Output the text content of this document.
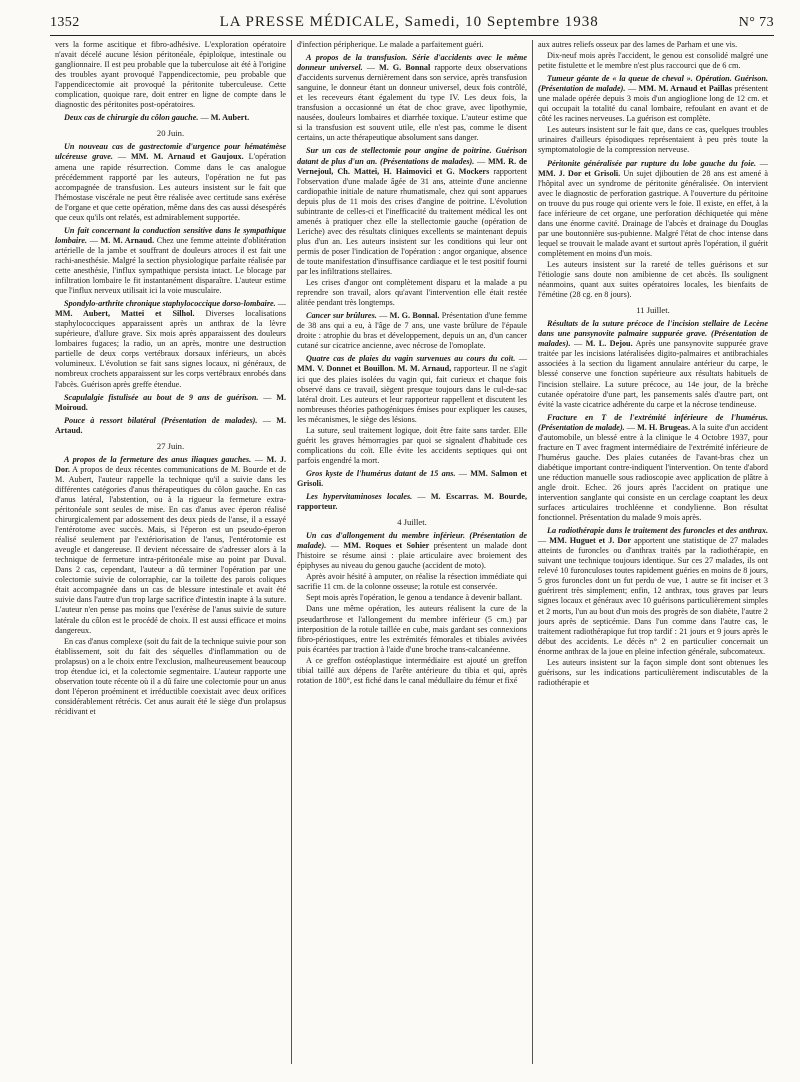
1352	LA PRESSE MÉDICALE, Samedi, 10 Septembre 1938	N° 73

vers la forme ascitique et fibro-adhésive. L'exploration opératoire n'avait décelé aucune lésion péritonéale, épiploïque, intestinale ou ganglionnaire. Il est peu probable que la tuberculose ait été à l'origine des troubles ayant provoqué l'appendicectomie, peu probable que l'appendicectomie ait provoqué la péritonite tuberculeuse. Cette complication, quoique rare, doit entrer en ligne de compte dans le diagnostic des péritonites post-opératoires.

Deux cas de chirurgie du côlon gauche. — M. Aubert.

20 Juin.

Un nouveau cas de gastrectomie d'urgence pour hématémèse ulcéreuse grave. — MM. M. Arnaud et Gaujoux. L'opération amena une rapide résurrection. Comme dans le cas analogue précédemment rapporté par les auteurs, l'opération ne fut pas accompagnée de transfusion. Les auteurs insistent sur le fait que l'hémostase viscérale ne peut être réalisée avec certitude sans exérèse de l'organe et que cette opération, même dans des cas aussi désespérés que ceux qu'ils ont relatés, est admirablement supportée.

Un fait concernant la conduction sensitive dans le sympathique lombaire. — M. M. Arnaud. Chez une femme atteinte d'oblitération artérielle de la jambe et souffrant de douleurs atroces il est fait une rachi-anesthésie. Malgré la section physiologique parfaite réalisée par cette anesthésie, l'influx sympathique persista intact. Le blocage par infiltration lombaire le fit instantanément disparaître. L'auteur estime que l'influx nerveux utilisait ici la voie musculaire.

Spondylo-arthrite chronique staphylococcique dorso-lombaire. — MM. Aubert, Mattei et Silhol. Diverses localisations staphylococciques apparaissent après un anthrax de la lèvre supérieure, d'allure grave. Six mois après apparaissent des douleurs lombaires fugaces; la radio, un an après, montre une destruction partielle de deux corps vertébraux dorsaux inférieurs, un abcès volumineux. L'évolution se fait sans signes locaux, ni généraux, de nombreux crochets apparaissent sur les corps vertébraux enrobés dans l'abcès. Guérison après greffe étendue.

Scapulalgie fistulisée au bout de 9 ans de guérison. — M. Moiroud.

Pouce à ressort bilatéral (Présentation de malades). — M. Artaud.

27 Juin.

A propos de la fermeture des anus iliaques gauches. — M. J. Dor. A propos de deux récentes communications de M. Bourde et de M. Aubert, l'auteur rappelle la technique qu'il a suivie dans les différentes catégories d'anus thérapeutiques du côlon gauche. En cas d'anus latéral, l'abstention, ou à la rigueur la fermeture extra-péritonéale sont seules de mise. En cas d'anus avec éperon réalisé chirurgicalement par adossement des deux pieds de l'anse, il a essayé l'entérotome avec succès. Mais, si l'éperon est un pseudo-éperon réalisé seulement par l'extériorisation de l'anus, l'entérotomie est aveugle et dangereuse. Il devient nécessaire de s'adresser alors à la technique de fermeture intra-péritonéale mise au point par Duval. Dans 2 cas, cependant, l'auteur a dû terminer l'opération par une colectomie suivie de colorraphie, car la toilette des parois coliques était accompagnée dans un cas de blessure intestinale et avait été suivie dans l'autre d'un trop large sacrifice d'intestin inapte à la suture. L'auteur n'en pense pas moins que l'exérèse de l'anus suivie de suture latérale du côlon est le procédé de choix. Il est aussi efficace et moins dangereux.

En cas d'anus complexe (soit du fait de la technique suivie pour son établissement, soit du fait des séquelles d'inflammation ou de prolapsus) on a le choix entre l'exclusion, malheureusement beaucoup trop étendue ici, et la colectomie segmentaire. L'auteur rapporte une observation toute récente où il a dû faire une colectomie pour un anus dont l'éperon proéminent et irréductible coexistait avec deux orifices considérablement rétrécis. Cet anus aurait été le siège d'un prolapsus récidivant et

d'infection péripherique. Le malade a parfaitement guéri.

A propos de la transfusion. Série d'accidents avec le même donneur universel. — M. G. Bonnal rapporte deux observations d'accidents survenus dernièrement dans son service, après transfusion sanguine, le donneur étant un donneur universel, deux fois contrôlé, et les receveurs étant également du type IV. Les deux fois, la transfusion a occasionné un état de choc grave, avec lipothymie, nausées, douleurs lombaires et diarrhée toxique. L'auteur estime que si la transfusion est souvent utile, elle n'est pas, comme le disent certains, un acte thérapeutique absolument sans danger.

Sur un cas de stellectomie pour angine de poitrine. Guérison datant de plus d'un an. (Présentations de malades). — MM. R. de Vernejoul, Ch. Mattei, H. Haimovici et G. Mockers rapportent l'observation d'une malade âgée de 31 ans, atteinte d'une ancienne cardiopathie initiale de nature rhumatismale, chez qui sont apparues depuis plus de 11 mois des crises d'angine de poitrine. L'évolution subintrante de celles-ci et l'inefficacité du traitement médical les ont amenés à pratiquer chez elle la stellectomie gauche (opération de Leriche) avec des résultats cliniques excellents se maintenant depuis plus d'un an. Les auteurs insistent sur les conditions qui leur ont permis de poser l'indication de l'opération : angor organique, absence de toute manifestation d'insuffisance cardiaque et le test positif fourni par les infiltrations stellaires.

Les crises d'angor ont complètement disparu et la malade a pu reprendre son travail, alors qu'avant l'intervention elle était restée alitée pendant très longtemps.

Cancer sur brûlures. — M. G. Bonnal. Présentation d'une femme de 38 ans qui a eu, à l'âge de 7 ans, une vaste brûlure de l'épaule droite : atrophie du bras et développement, depuis un an, d'un cancer cutané sur cicatrice ancienne, avec nécrose de l'omoplate.

Quatre cas de plaies du vagin survenues au cours du coït. — MM. V. Donnet et Bouillon. M. M. Arnaud, rapporteur. Il ne s'agit ici que des plaies isolées du vagin qui, fait curieux et chaque fois observé dans ce travail, siègent presque toujours dans le cul-de-sac latéral droit. Les auteurs et leur rapporteur rappellent et discutent les nombreuses théories pathogéniques émises pour expliquer les causes, les mécanismes, le siège des lésions.

La suture, seul traitement logique, doit être faite sans tarder. Elle guérit les graves hémorragies par quoi se signalent d'habitude ces complications du coït. Elle évite les accidents septiques qui ont parfois engendré la mort.

Gros kyste de l'humérus datant de 15 ans. — MM. Salmon et Grisoli.

Les hypervitaminoses locales. — M. Escarras. M. Bourde, rapporteur.

4 Juillet.

Un cas d'allongement du membre inférieur. (Présentation de malade). — MM. Roques et Sohier présentent un malade dont l'histoire se résume ainsi : plaie articulaire avec broiement des épiphyses au niveau du genou gauche (accident de moto).

Après avoir hésité à amputer, on réalise la résection immédiate qui sacrifie 11 cm. de la colonne osseuse; la rotule est conservée.

Sept mois après l'opération, le genou a tendance à devenir ballant.

Dans une même opération, les auteurs réalisent la cure de la pseudarthrose et l'allongement du membre inférieur (5 cm.) par interposition de la rotule taillée en cube, mais gardant ses connexions fibro-périostiques, entre les extrémités fémorales et tibiales avivées puis écartées par traction à l'aide d'une broche trans-calcanéenne.

A ce greffon ostéoplastique intermédiaire est ajouté un greffon tibial taillé aux dépens de l'arête antérieure du tibia et qui, après rotation de 180°, est fiché dans le canal médullaire du fémur et fixé

aux autres reliefs osseux par des lames de Parham et une vis.

Dix-neuf mois après l'accident, le genou est consolidé malgré une petite fistulette et le membre n'est plus raccourci que de 6 cm.

Tumeur géante de « la queue de cheval ». Opération. Guérison. (Présentation de malade). — MM. M. Arnaud et Paillas présentent une malade opérée depuis 3 mois d'un angioglione long de 12 cm. et qui occupait la totalité du canal lombaire, refoulant en avant et de côté les racines nerveuses. La guérison est complète.

Les auteurs insistent sur le fait que, dans ce cas, quelques troubles urinaires d'ailleurs épisodiques représentaient à peu près toute la symptomatologie de la compression nerveuse.

Péritonite généralisée par rupture du lobe gauche du foie. — MM. J. Dor et Grisoli. Un sujet djiboutien de 28 ans est amené à l'hôpital avec un syndrome de péritonite généralisée. On intervient avec le diagnostic de perforation gastrique. A l'ouverture du péritoine on trouve du pus rouge qui oriente vers le foie. Il existe, en effet, à la face inférieure de cet organe, une perforation déchiquetée qui mène dans une énorme cavité. Drainage de l'abcès et drainage du Douglas par une boutonnière sus-pubienne. Malgré l'état de choc intense dans lequel se trouvait le malade avant et surtout après l'opération, il guérit complètement en moins d'un mois.

Les auteurs insistent sur la rareté de telles guérisons et sur l'étiologie sans doute non amibienne de cet abcès. Ils soulignent néanmoins, quant aux suites opératoires locales, les bienfaits de l'émétine (28 cg. en 8 jours).

11 Juillet.

Résultats de la suture précoce de l'incision stellaire de Lecène dans une pansynovite palmaire suppurée grave. (Présentation de malades). — M. L. Dejou. Après une pansynovite suppurée grave traitée par les incisions latéralisées digito-palmaires et antibrachiales associées à la section du ligament annulaire antérieur du carpe, le blessé conserve une fonction supérieure aux résultats habituels de l'incision stellaire. La suture précoce, au 14e jour, de la brèche cutanée opératoire d'une part, les pansements salés d'autre part, ont évité la vaste cicatrice adhérente du carpe et la nécrose tendineuse.

Fracture en T de l'extrémité inférieure de l'humérus. (Présentation de malade). — M. H. Brugeas. A la suite d'un accident d'automobile, un blessé entre à la clinique le 4 Octobre 1937, pour fracture en T avec fragment intermédiaire de l'extrémité inférieure de l'humérus gauche. Des plaies cutanées de l'avant-bras chez un diabétique important contre-indiquent l'intervention. On tente d'abord une réduction manuelle sous radioscopie avec application de plâtre à angle droit. Echec. 26 jours après l'accident on pratique une intervention sanglante qui consiste en un cerclage coaptant les deux surfaces articulaires trochléenne et condylienne. Bon résultat fonctionnel. Présentation du malade 9 mois après.

La radiothérapie dans le traitement des furoncles et des anthrax. — MM. Huguet et J. Dor apportent une statistique de 27 malades atteints de furoncles ou d'anthrax traités par la radiothérapie, en suivant une technique toujours identique. Sur ces 27 malades, ils ont relevé 10 furonculoses toutes rapidement guéries en moins de 8 jours, 5 gros furoncles dont un fut perdu de vue, 1 autre se fit inciser et 3 guérirent très simplement; enfin, 12 anthrax, tous graves par leurs signes locaux et généraux avec 10 guérisons particulièrement simples et 2 morts, l'un au bout d'un mois des progrès de son diabète, l'autre 2 jours après de septicémie. Dans l'un comme dans l'autre cas, le traitement radiothérapique fut trop tardif : 21 jours et 9 jours après le début des accidents. Le décès n° 2 en particulier concernait un énorme anthrax de la joue en pleine infection générale, subcomateux.

Les auteurs insistent sur la façon simple dont sont obtenues les guérisons, sur les indications particulièrement indiscutables de la radiothérapie et
